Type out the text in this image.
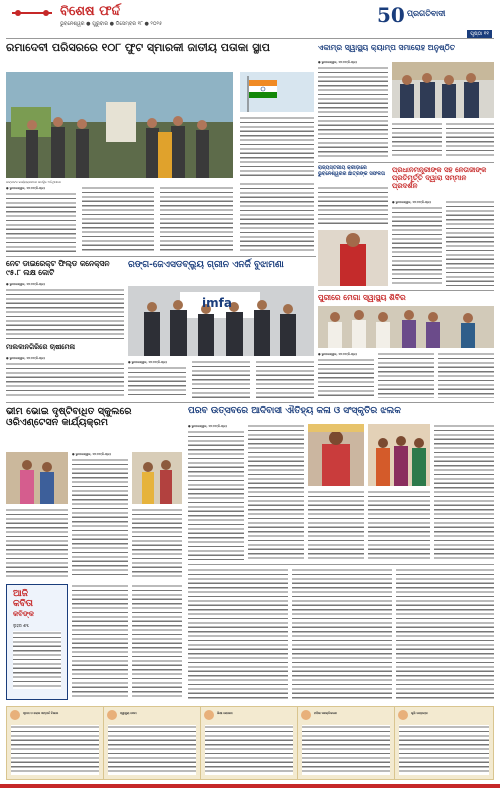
ବିଶେଷ ଫର୍ଦ୍ଦ
ଭୁବନେଶ୍ୱର ● ଗୁରୁବାର ● ଡିସେମ୍ବର ୧୮ ● ୨୦୨୫	50 ପ୍ରଗତିବାଦୀ
ପୃଷ୍ଠା ୧୧
ରମାଦେବୀ ପରିସରରେ ୧୦୮ ଫୁଟ ସ୍ମାରକୀ ଜାତୀୟ ପତାକା ସ୍ଥାପ
ଉଦ୍‌ଘାଟନ କାର୍ଯ୍ୟକ୍ରମରେ ଉପସ୍ଥିତ ଅତିଥିମାନେ
● ଭୁବନେଶ୍ୱର, ୧୭।୧୨(ନି.ପ୍ର)
ଏକାମ୍ର ସ୍ୱାସ୍ଥ୍ୟ କ୍ୟାମ୍ପ ସମାରୋହ ଅନୁଷ୍ଠିତ
● ଭୁବନେଶ୍ୱର, ୧୭।୧୨(ନି.ପ୍ର)
ରାଜ୍ୟସ୍ତରୀୟ କ୍ରୀଡ଼ାରେ ଭୁବନେଶ୍ୱରର ଛାତ୍ରଙ୍କ ସଫଳତା	ପ୍ରଧାନମନ୍ତ୍ରୀଙ୍କ ସହ ନେତାଜୀଙ୍କ ପ୍ରତିମୂର୍ତ୍ତି ଦ୍ୱାରା ସମ୍ମାନ ପ୍ରଦର୍ଶନ
● ଭୁବନେଶ୍ୱର, ୧୭।୧୨(ନି.ପ୍ର)
ନେଟ ଡାଇରେକ୍ଟ ଫିଲ୍ଡ କନେକ୍ସନ ୯୫.୮ ଲକ୍ଷ କୋଟି
● ଭୁବନେଶ୍ୱର, ୧୭।୧୨(ନି.ପ୍ର)
ମାଲକାନଗିରିରେ ଚାଷୀମେଳା
● ଭୁବନେଶ୍ୱର, ୧୭।୧୨(ନି.ପ୍ର)
ରଙ୍ଗ-ଜେଏସଡବ୍ଲ୍ୟୁ ଗ୍ରୀନ ଏନର୍ଜି ବୁଝାମଣା
imfa
● ଭୁବନେଶ୍ୱର, ୧୭।୧୨(ନି.ପ୍ର)
ପୁରୀରେ ମେଗା ସ୍ୱାସ୍ଥ୍ୟ ଶିବିର
● ଭୁବନେଶ୍ୱର, ୧୭।୧୨(ନି.ପ୍ର)
ଭୀମ ଭୋଇ ଦୃଷ୍ଟିବାଧିତ ସ୍କୁଲରେ ଓରିଏଣ୍ଟେସନ କାର୍ଯ୍ୟକ୍ରମ
● ଭୁବନେଶ୍ୱର, ୧୭।୧୨(ନି.ପ୍ର)
ଆଜି
କବିତା
କବିଙ୍କ
ଲୁହର ଶବ୍ଦ
ପରବ ଉତ୍ସବରେ ଆଦିବାସୀ ଐତିହ୍ୟ କଳା ଓ ସଂସ୍କୃତିର ଝଲକ
● ଭୁବନେଶ୍ୱର, ୧୭।୧୨(ନି.ପ୍ର)
ସୂଚନା ଓ ଲୋକ ସମ୍ପର୍କ ବିଭାଗ	ସ୍ୱାସ୍ଥ୍ୟ ସେବା	ଶିକ୍ଷା ଯୋଜନା	ମହିଳା ସଶକ୍ତିକରଣ	କୃଷି ଉନ୍ନୟନ
